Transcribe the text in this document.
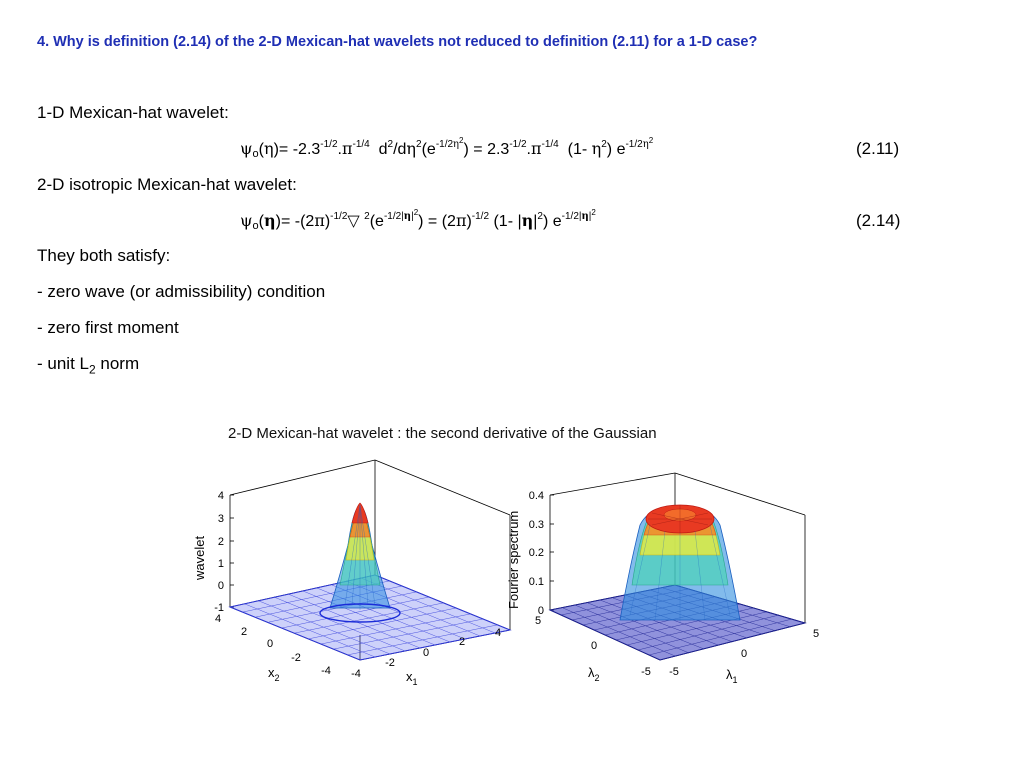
4. Why is definition (2.14) of the 2-D Mexican-hat wavelets not reduced to definition (2.11) for a 1-D case?
1-D Mexican-hat wavelet:
$\psi_o(\eta)= -2.3^{-1/2}.\pi^{-1/4}$  $d^2/d\eta^2(e^{-1/2\eta^2}) = 2.3^{-1/2}.\pi^{-1/4}$  (1- $\eta^2$) $e^{-1/2\eta^2}$	(2.11)
2-D isotropic Mexican-hat wavelet:
$\psi_o(\eta)=$ $-(2\pi)^{-1/2}▽$ $^2(e^{-1/2|\eta|^2}) = (2\pi)^{-1/2}$ (1- $|\eta|^2$) $e^{-1/2|\eta|^2}$	(2.14)
They both satisfy:
- zero wave (or admissibility) condition
- zero first moment
- unit $L_2$ norm
2-D Mexican-hat wavelet : the second derivative of the Gaussian
4
3
2
1
0
-1
wavelet
4
2
0
-2
-4
$x_2$	-4
-2
0
2
4
$x_1$
0.4
0.3
0.2
0.1
0
Fourier spectrum
5
0
-5
$\lambda_2$	-5
0
5
$\lambda_1$
